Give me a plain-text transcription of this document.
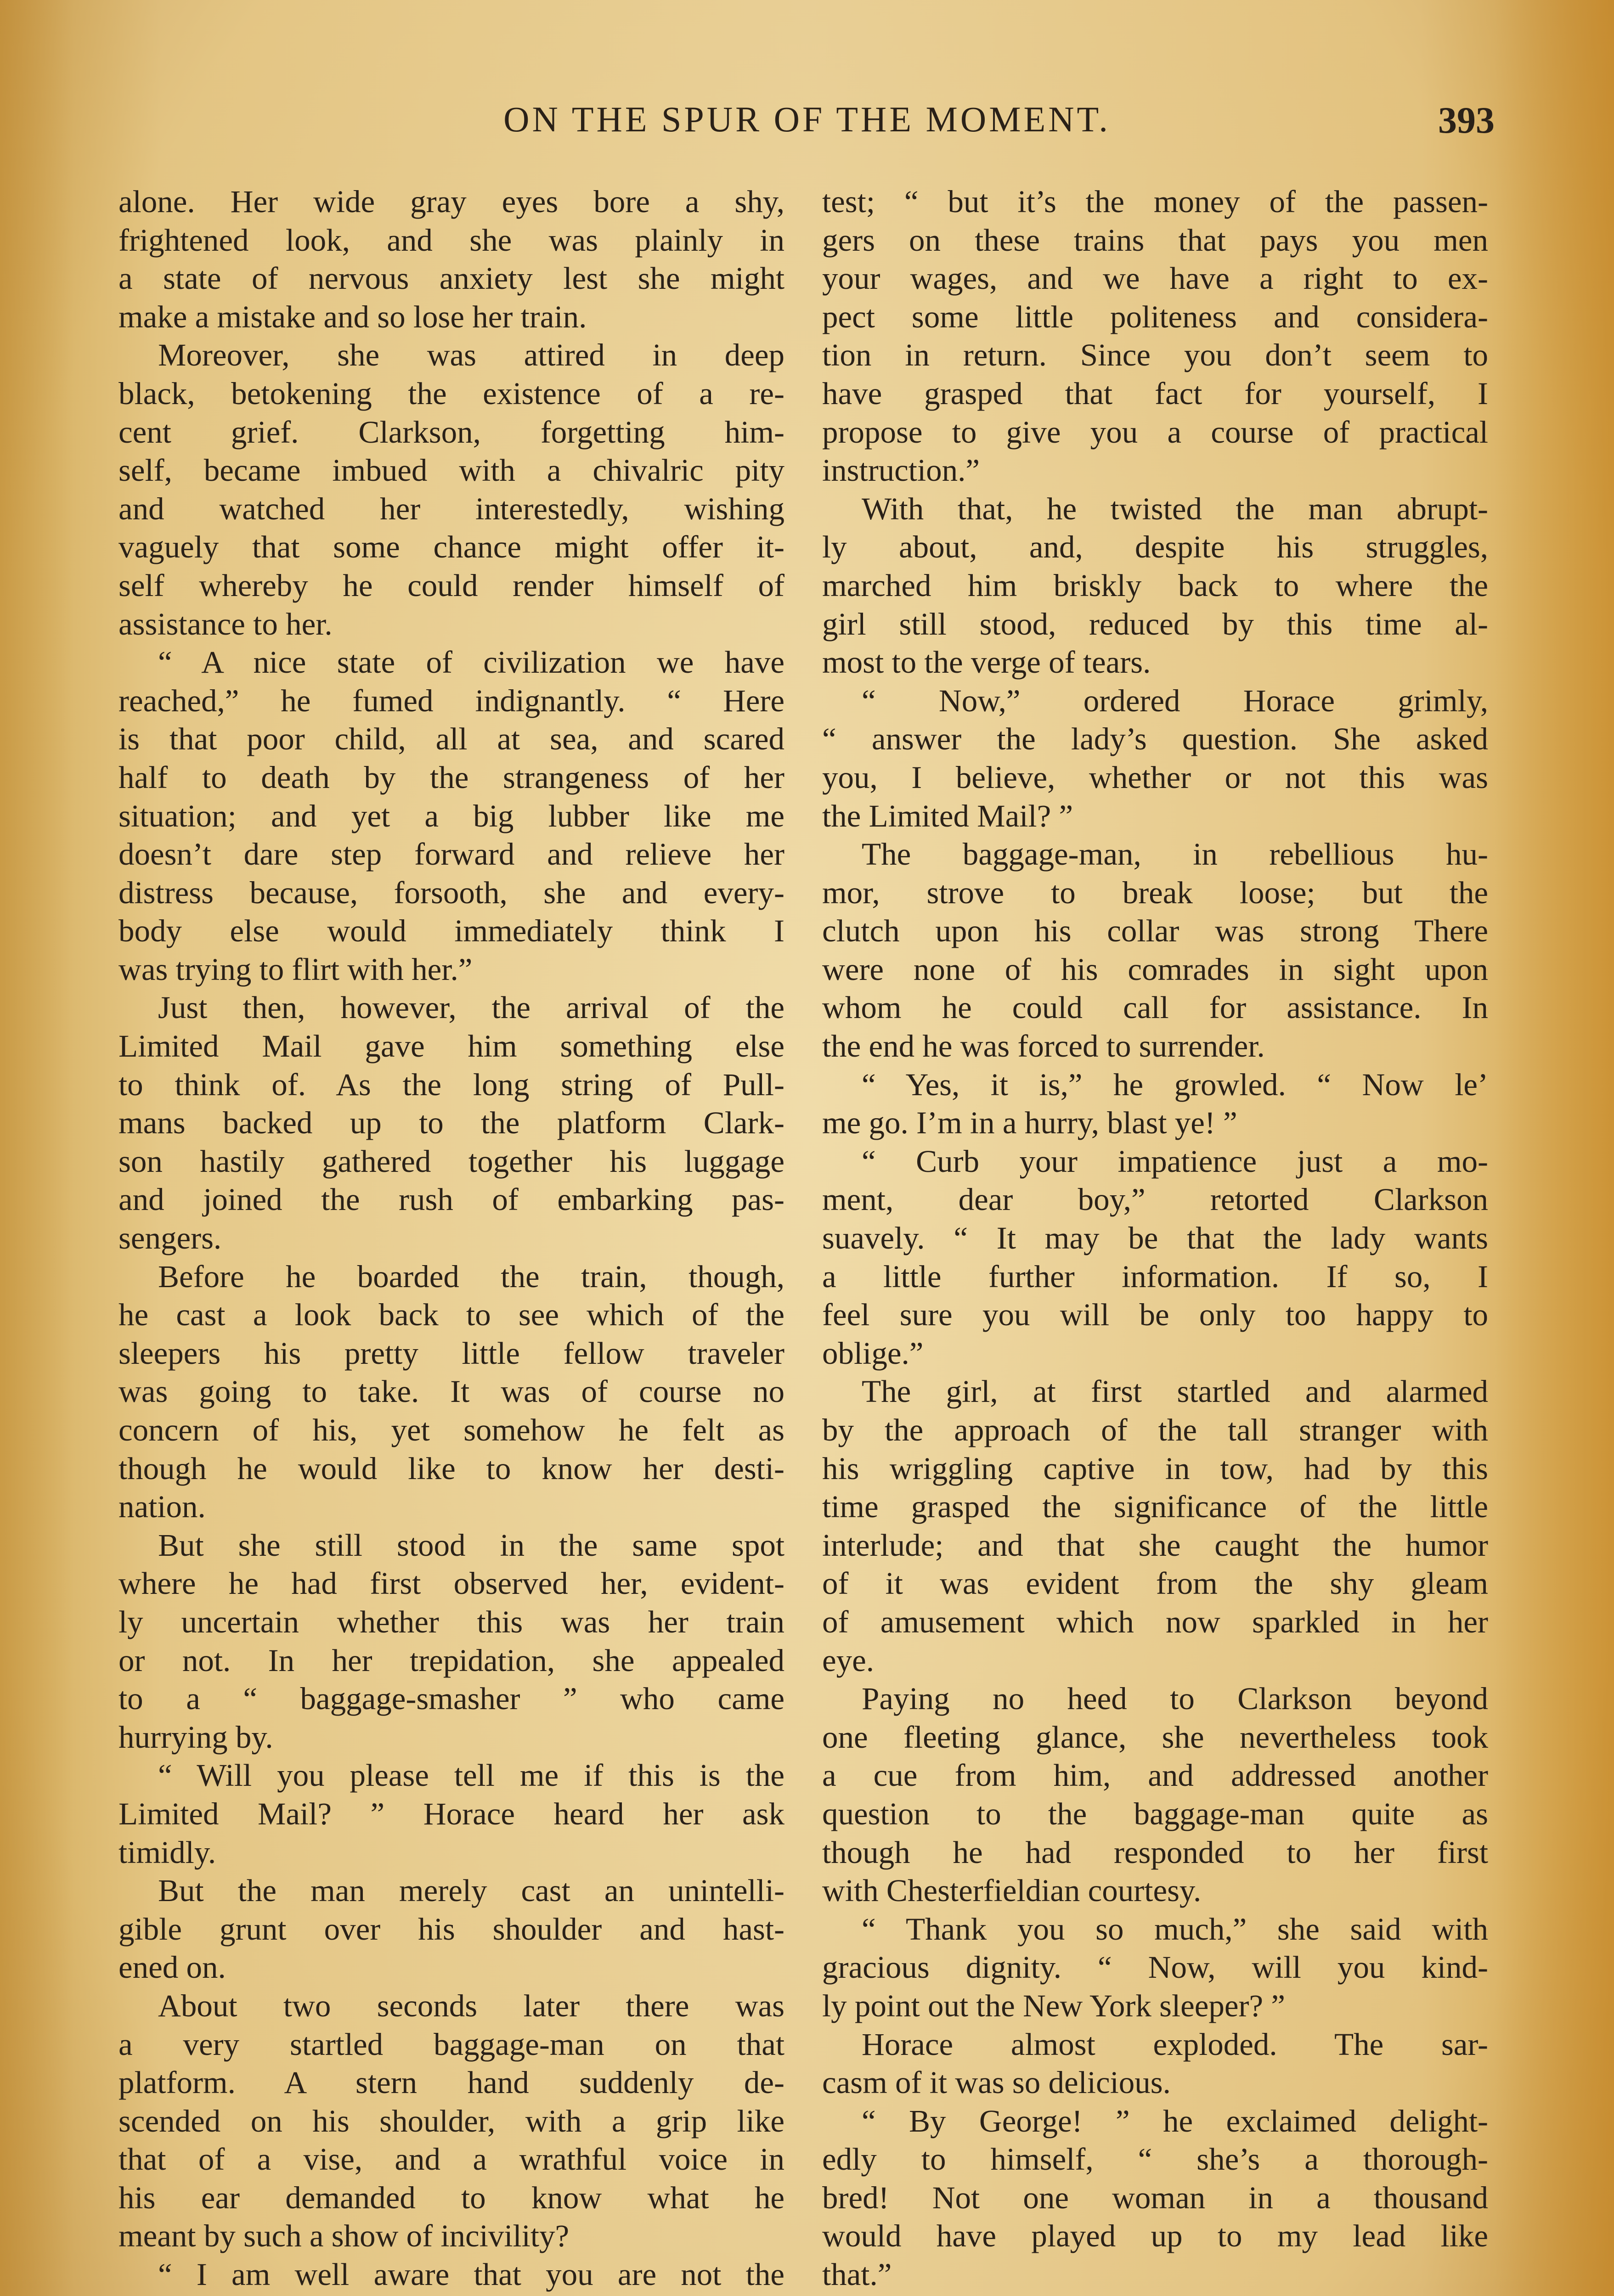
ON THE SPUR OF THE MOMENT.	393
alone. Her wide gray eyes bore a shy,
frightened look, and she was plainly in
a state of nervous anxiety lest she might
make a mistake and so lose her train.
Moreover, she was attired in deep
black, betokening the existence of a re-
cent grief. Clarkson, forgetting him-
self, became imbued with a chivalric pity
and watched her interestedly, wishing
vaguely that some chance might offer it-
self whereby he could render himself of
assistance to her.
“ A nice state of civilization we have
reached,” he fumed indignantly. “ Here
is that poor child, all at sea, and scared
half to death by the strangeness of her
situation; and yet a big lubber like me
doesn’t dare step forward and relieve her
distress because, forsooth, she and every-
body else would immediately think I
was trying to flirt with her.”
Just then, however, the arrival of the
Limited Mail gave him something else
to think of. As the long string of Pull-
mans backed up to the platform Clark-
son hastily gathered together his luggage
and joined the rush of embarking pas-
sengers.
Before he boarded the train, though,
he cast a look back to see which of the
sleepers his pretty little fellow traveler
was going to take. It was of course no
concern of his, yet somehow he felt as
though he would like to know her desti-
nation.
But she still stood in the same spot
where he had first observed her, evident-
ly uncertain whether this was her train
or not. In her trepidation, she appealed
to a “ baggage-smasher ” who came
hurrying by.
“ Will you please tell me if this is the
Limited Mail? ” Horace heard her ask
timidly.
But the man merely cast an unintelli-
gible grunt over his shoulder and hast-
ened on.
About two seconds later there was
a very startled baggage-man on that
platform. A stern hand suddenly de-
scended on his shoulder, with a grip like
that of a vise, and a wrathful voice in
his ear demanded to know what he
meant by such a show of incivility?
“ I am well aware that you are not the
test; “ but it’s the money of the passen-
gers on these trains that pays you men
your wages, and we have a right to ex-
pect some little politeness and considera-
tion in return. Since you don’t seem to
have grasped that fact for yourself, I
propose to give you a course of practical
instruction.”
With that, he twisted the man abrupt-
ly about, and, despite his struggles,
marched him briskly back to where the
girl still stood, reduced by this time al-
most to the verge of tears.
“ Now,” ordered Horace grimly,
“ answer the lady’s question. She asked
you, I believe, whether or not this was
the Limited Mail? ”
The baggage-man, in rebellious hu-
mor, strove to break loose; but the
clutch upon his collar was strong There
were none of his comrades in sight upon
whom he could call for assistance. In
the end he was forced to surrender.
“ Yes, it is,” he growled. “ Now le’
me go. I’m in a hurry, blast ye! ”
“ Curb your impatience just a mo-
ment, dear boy,” retorted Clarkson
suavely. “ It may be that the lady wants
a little further information. If so, I
feel sure you will be only too happy to
oblige.”
The girl, at first startled and alarmed
by the approach of the tall stranger with
his wriggling captive in tow, had by this
time grasped the significance of the little
interlude; and that she caught the humor
of it was evident from the shy gleam
of amusement which now sparkled in her
eye.
Paying no heed to Clarkson beyond
one fleeting glance, she nevertheless took
a cue from him, and addressed another
question to the baggage-man quite as
though he had responded to her first
with Chesterfieldian courtesy.
“ Thank you so much,” she said with
gracious dignity. “ Now, will you kind-
ly point out the New York sleeper? ”
Horace almost exploded. The sar-
casm of it was so delicious.
“ By George! ” he exclaimed delight-
edly to himself, “ she’s a thorough-
bred! Not one woman in a thousand
would have played up to my lead like
that.”
